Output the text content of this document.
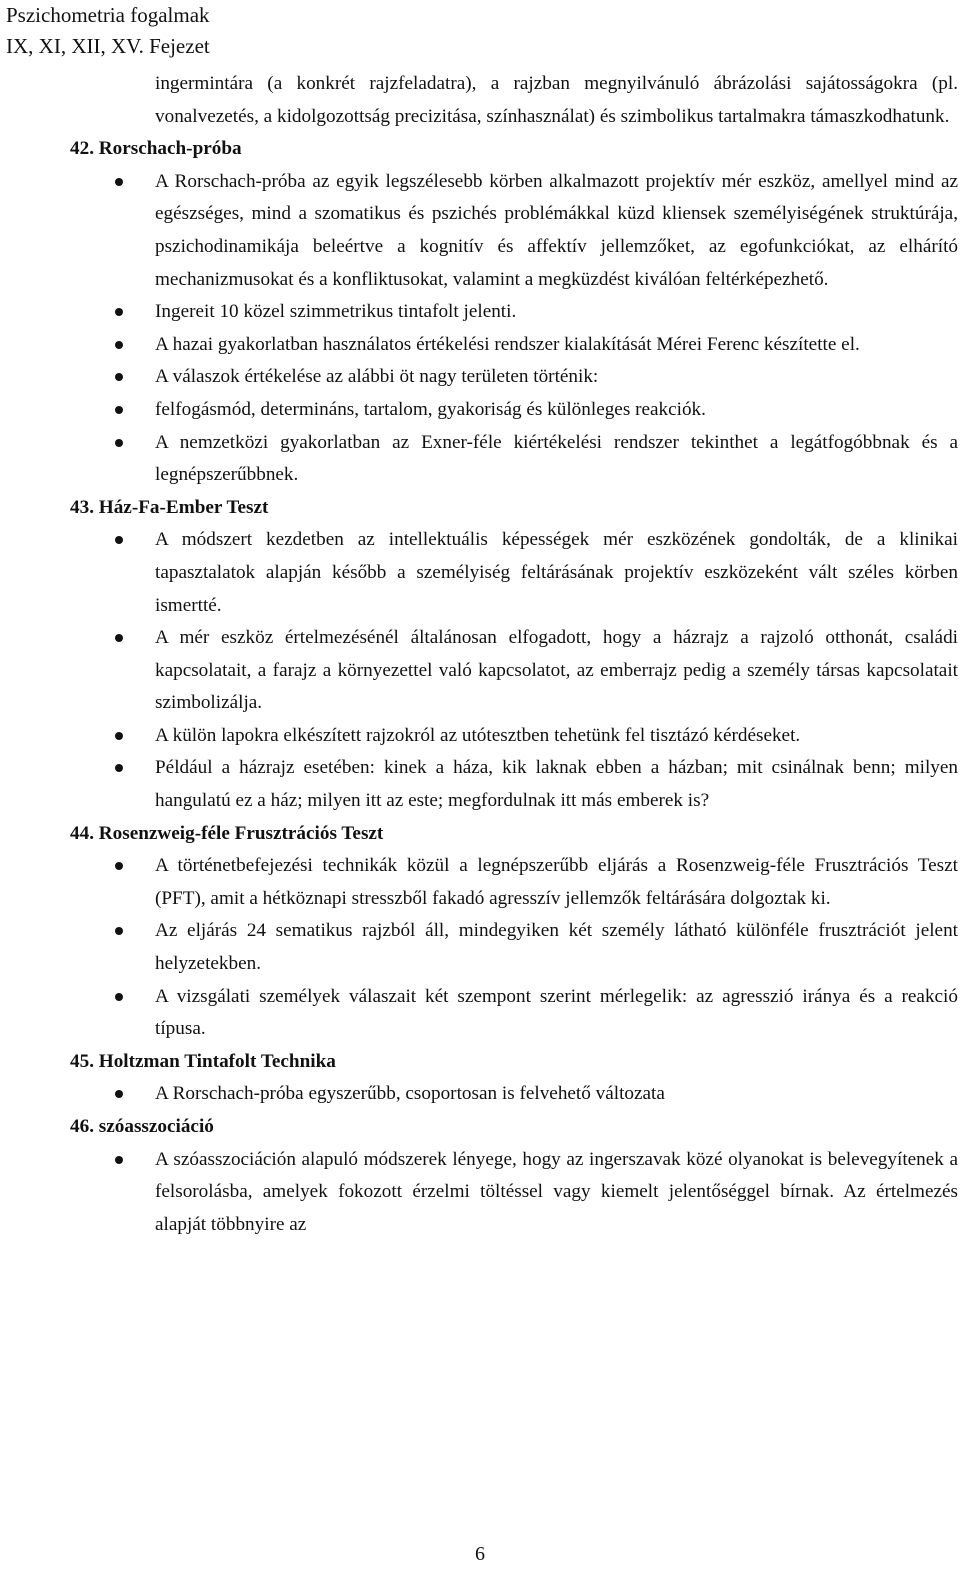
Pszichometria fogalmak
IX, XI, XII, XV. Fejezet

ingermintára (a konkrét rajzfeladatra), a rajzban megnyilvánuló ábrázolási sajátosságokra (pl. vonalvezetés, a kidolgozottság precizitása, színhasználat) és szimbolikus tartalmakra támaszkodhatunk.

42. Rorschach-próba
A Rorschach-próba az egyik legszélesebb körben alkalmazott projektív mér eszköz, amellyel mind az egészséges, mind a szomatikus és pszichés problémákkal küzd kliensek személyiségének struktúrája, pszichodinamikája beleértve a kognitív és affektív jellemzőket, az egofunkciókat, az elhárító mechanizmusokat és a konfliktusokat, valamint a megküzdést kiválóan feltérképezhető.
Ingereit 10 közel szimmetrikus tintafolt jelenti.
A hazai gyakorlatban használatos értékelési rendszer kialakítását Mérei Ferenc készítette el.
A válaszok értékelése az alábbi öt nagy területen történik:
felfogásmód, determináns, tartalom, gyakoriság és különleges reakciók.
A nemzetközi gyakorlatban az Exner-féle kiértékelési rendszer tekinthet a legátfogóbbnak és a legnépszerűbbnek.
43. Ház-Fa-Ember Teszt
A módszert kezdetben az intellektuális képességek mér eszközének gondolták, de a klinikai tapasztalatok alapján később a személyiség feltárásának projektív eszközeként vált széles körben ismertté.
A mér eszköz értelmezésénél általánosan elfogadott, hogy a házrajz a rajzoló otthonát, családi kapcsolatait, a farajz a környezettel való kapcsolatot, az emberrajz pedig a személy társas kapcsolatait szimbolizálja.
A külön lapokra elkészített rajzokról az utótesztben tehetünk fel tisztázó kérdéseket.
Például a házrajz esetében: kinek a háza, kik laknak ebben a házban; mit csinálnak benn; milyen hangulatú ez a ház; milyen itt az este; megfordulnak itt más emberek is?
44. Rosenzweig-féle Frusztrációs Teszt
A történetbefejezési technikák közül a legnépszerűbb eljárás a Rosenzweig-féle Frusztrációs Teszt (PFT), amit a hétköznapi stresszből fakadó agresszív jellemzők feltárására dolgoztak ki.
Az eljárás 24 sematikus rajzból áll, mindegyiken két személy látható különféle frusztrációt jelent helyzetekben.
A vizsgálati személyek válaszait két szempont szerint mérlegelik: az agresszió iránya és a reakció típusa.
45. Holtzman Tintafolt Technika
A Rorschach-próba egyszerűbb, csoportosan is felvehető változata
46. szóasszociáció
A szóasszociáción alapuló módszerek lényege, hogy az ingerszavak közé olyanokat is belevegyítenek a felsorolásba, amelyek fokozott érzelmi töltéssel vagy kiemelt jelentőséggel bírnak. Az értelmezés alapját többnyire az
6
